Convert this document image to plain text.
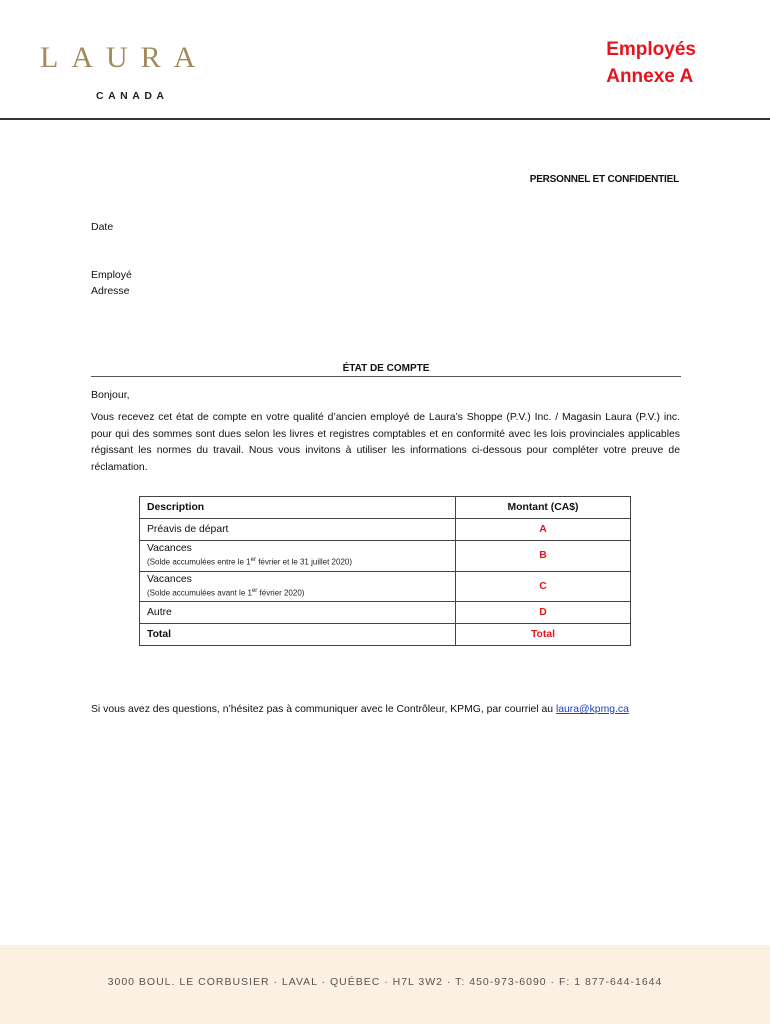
LAURA
CANADA
Employés
Annexe A
PERSONNEL ET CONFIDENTIEL
Date
Employé
Adresse
ÉTAT DE COMPTE
Bonjour,
Vous recevez cet état de compte en votre qualité d’ancien employé de Laura’s Shoppe (P.V.) Inc. / Magasin Laura (P.V.) inc. pour qui des sommes sont dues selon les livres et registres comptables et en conformité avec les lois provinciales applicables régissant les normes du travail. Nous vous invitons à utiliser les informations ci-dessous pour compléter votre preuve de réclamation.
Description	Montant (CA$)
Préavis de départ	A
Vacances
(Solde accumulées entre le 1er février et le 31 juillet 2020)	B
Vacances
(Solde accumulées avant le 1er février 2020)	C
Autre	D
Total	Total
Si vous avez des questions, n’hésitez pas à communiquer avec le Contrôleur, KPMG, par courriel au laura@kpmg.ca
3000 BOUL. LE CORBUSIER · LAVAL · QUÉBEC · H7L 3W2 · T: 450-973-6090 · F: 1 877-644-1644
